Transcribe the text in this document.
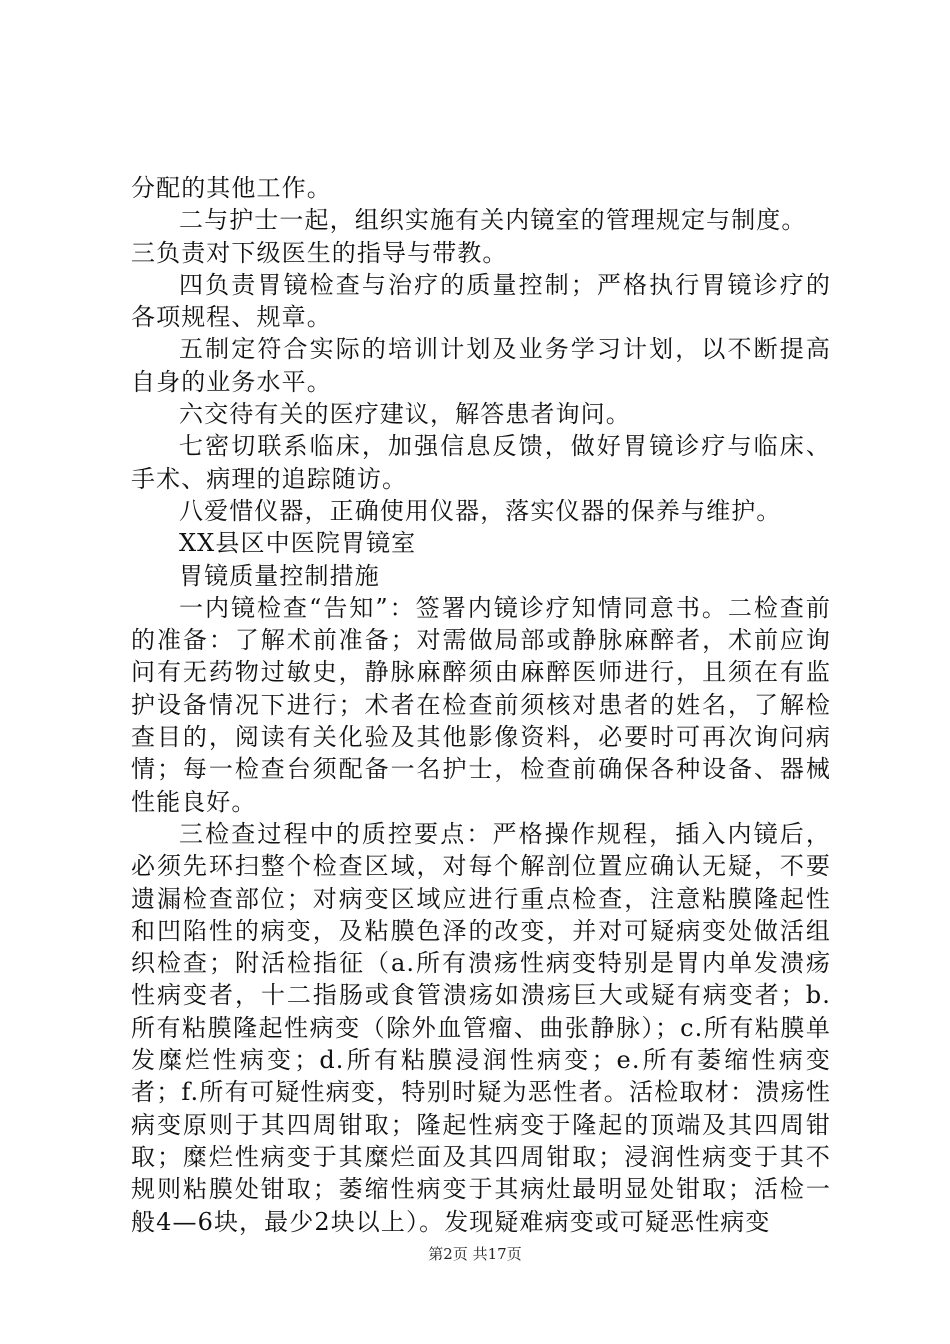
分配的其他工作。

二与护士一起，组织实施有关内镜室的管理规定与制度。

三负责对下级医生的指导与带教。

四负责胃镜检查与治疗的质量控制；严格执行胃镜诊疗的各项规程、规章。

五制定符合实际的培训计划及业务学习计划，以不断提高自身的业务水平。

六交待有关的医疗建议，解答患者询问。

七密切联系临床，加强信息反馈，做好胃镜诊疗与临床、手术、病理的追踪随访。

八爱惜仪器，正确使用仪器，落实仪器的保养与维护。

XX县区中医院胃镜室

胃镜质量控制措施

一内镜检查“告知”：签署内镜诊疗知情同意书。二检查前的准备：了解术前准备；对需做局部或静脉麻醉者，术前应询问有无药物过敏史，静脉麻醉须由麻醉医师进行，且须在有监护设备情况下进行；术者在检查前须核对患者的姓名，了解检查目的，阅读有关化验及其他影像资料，必要时可再次询问病情；每一检查台须配备一名护士，检查前确保各种设备、器械性能良好。

三检查过程中的质控要点：严格操作规程，插入内镜后，必须先环扫整个检查区域，对每个解剖位置应确认无疑，不要遗漏检查部位；对病变区域应进行重点检查，注意粘膜隆起性和凹陷性的病变，及粘膜色泽的改变，并对可疑病变处做活组织检查；附活检指征（a.所有溃疡性病变特别是胃内单发溃疡性病变者，十二指肠或食管溃疡如溃疡巨大或疑有病变者；b.所有粘膜隆起性病变（除外血管瘤、曲张静脉）；c.所有粘膜单发糜烂性病变；d.所有粘膜浸润性病变；e.所有萎缩性病变者；f.所有可疑性病变，特别时疑为恶性者。活检取材：溃疡性病变原则于其四周钳取；隆起性病变于隆起的顶端及其四周钳取；糜烂性病变于其糜烂面及其四周钳取；浸润性病变于其不规则粘膜处钳取；萎缩性病变于其病灶最明显处钳取；活检一般4—6块，最少2块以上）。发现疑难病变或可疑恶性病变

第2页 共17页
